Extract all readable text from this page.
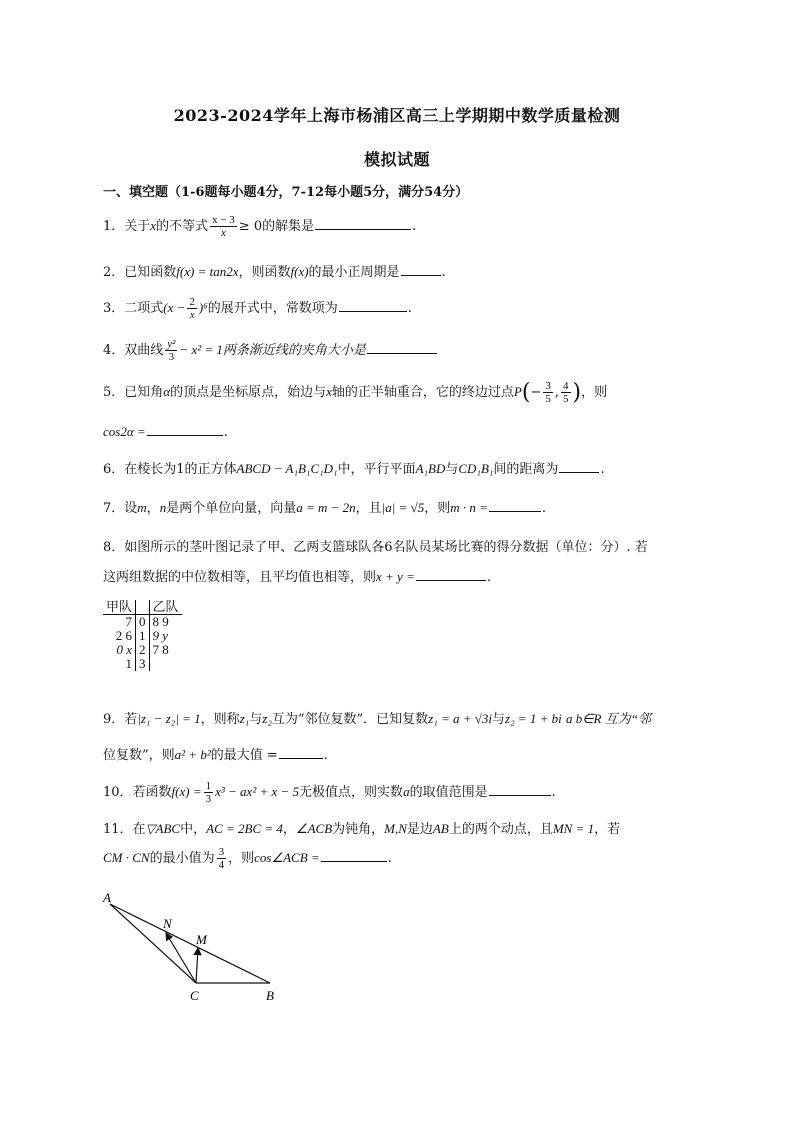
2023-2024学年上海市杨浦区高三上学期期中数学质量检测
模拟试题
一、填空题（1-6题每小题4分，7-12每小题5分，满分54分）
1．关于x的不等式 $\frac{x - 3}{x} \ge 0$的解集是	.
2．已知函数f(x) = tan2x，则函数f(x)的最小正周期是	.
3．二项式$(x - \frac{2}{x} )^6$的展开式中，常数项为	.
4．双曲线 $\frac{\text{y²}}{3} - x^2 = 1$两条渐近线的夹角大小是
5．已知角α的顶点是坐标原点，始边与x轴的正半轴重合，它的终边过点$P(- \frac{3}{5}$ , $\frac{4}{5}$ )，则
cos2α =	.
6．在棱长为1的正方体ABCD − A₁B₁C₁D₁中，平行平面A₁BD与CD₁B₁间的距离为	.
7．设m，n是两个单位向量，向量a = m − 2n，且|a| = √5，则m · n =	.
8．如图所示的茎叶图记录了甲、乙两支篮球队各6名队员某场比赛的得分数据（单位：分）. 若
这两组数据的中位数相等，且平均值也相等，则x + y =	.
甲队		乙队
7	0	8 9
2 6	1	9 y
0 x	2	7 8
1	3	
9．若|z₁ − z₂| = 1，则称z₁与z₂互为“邻位复数”．已知复数z₁ = a + √3i与z₂ = 1 + bi a b∈R 互为“邻
位复数”，则a² + b²的最大值 =	.
10．若函数$f(x) = \frac{1}{3} x^3 - ax^2 + x - 5$无极值点，则实数a的取值范围是	.
11．在▽ABC中，AC = 2BC = 4，∠ACB为钝角，M,N是边AB上的两个动点，且MN = 1，若
CM · CN的最小值为 $\frac{3}{4}$ ，则cos∠ACB =	.
A
N
M
C	B
